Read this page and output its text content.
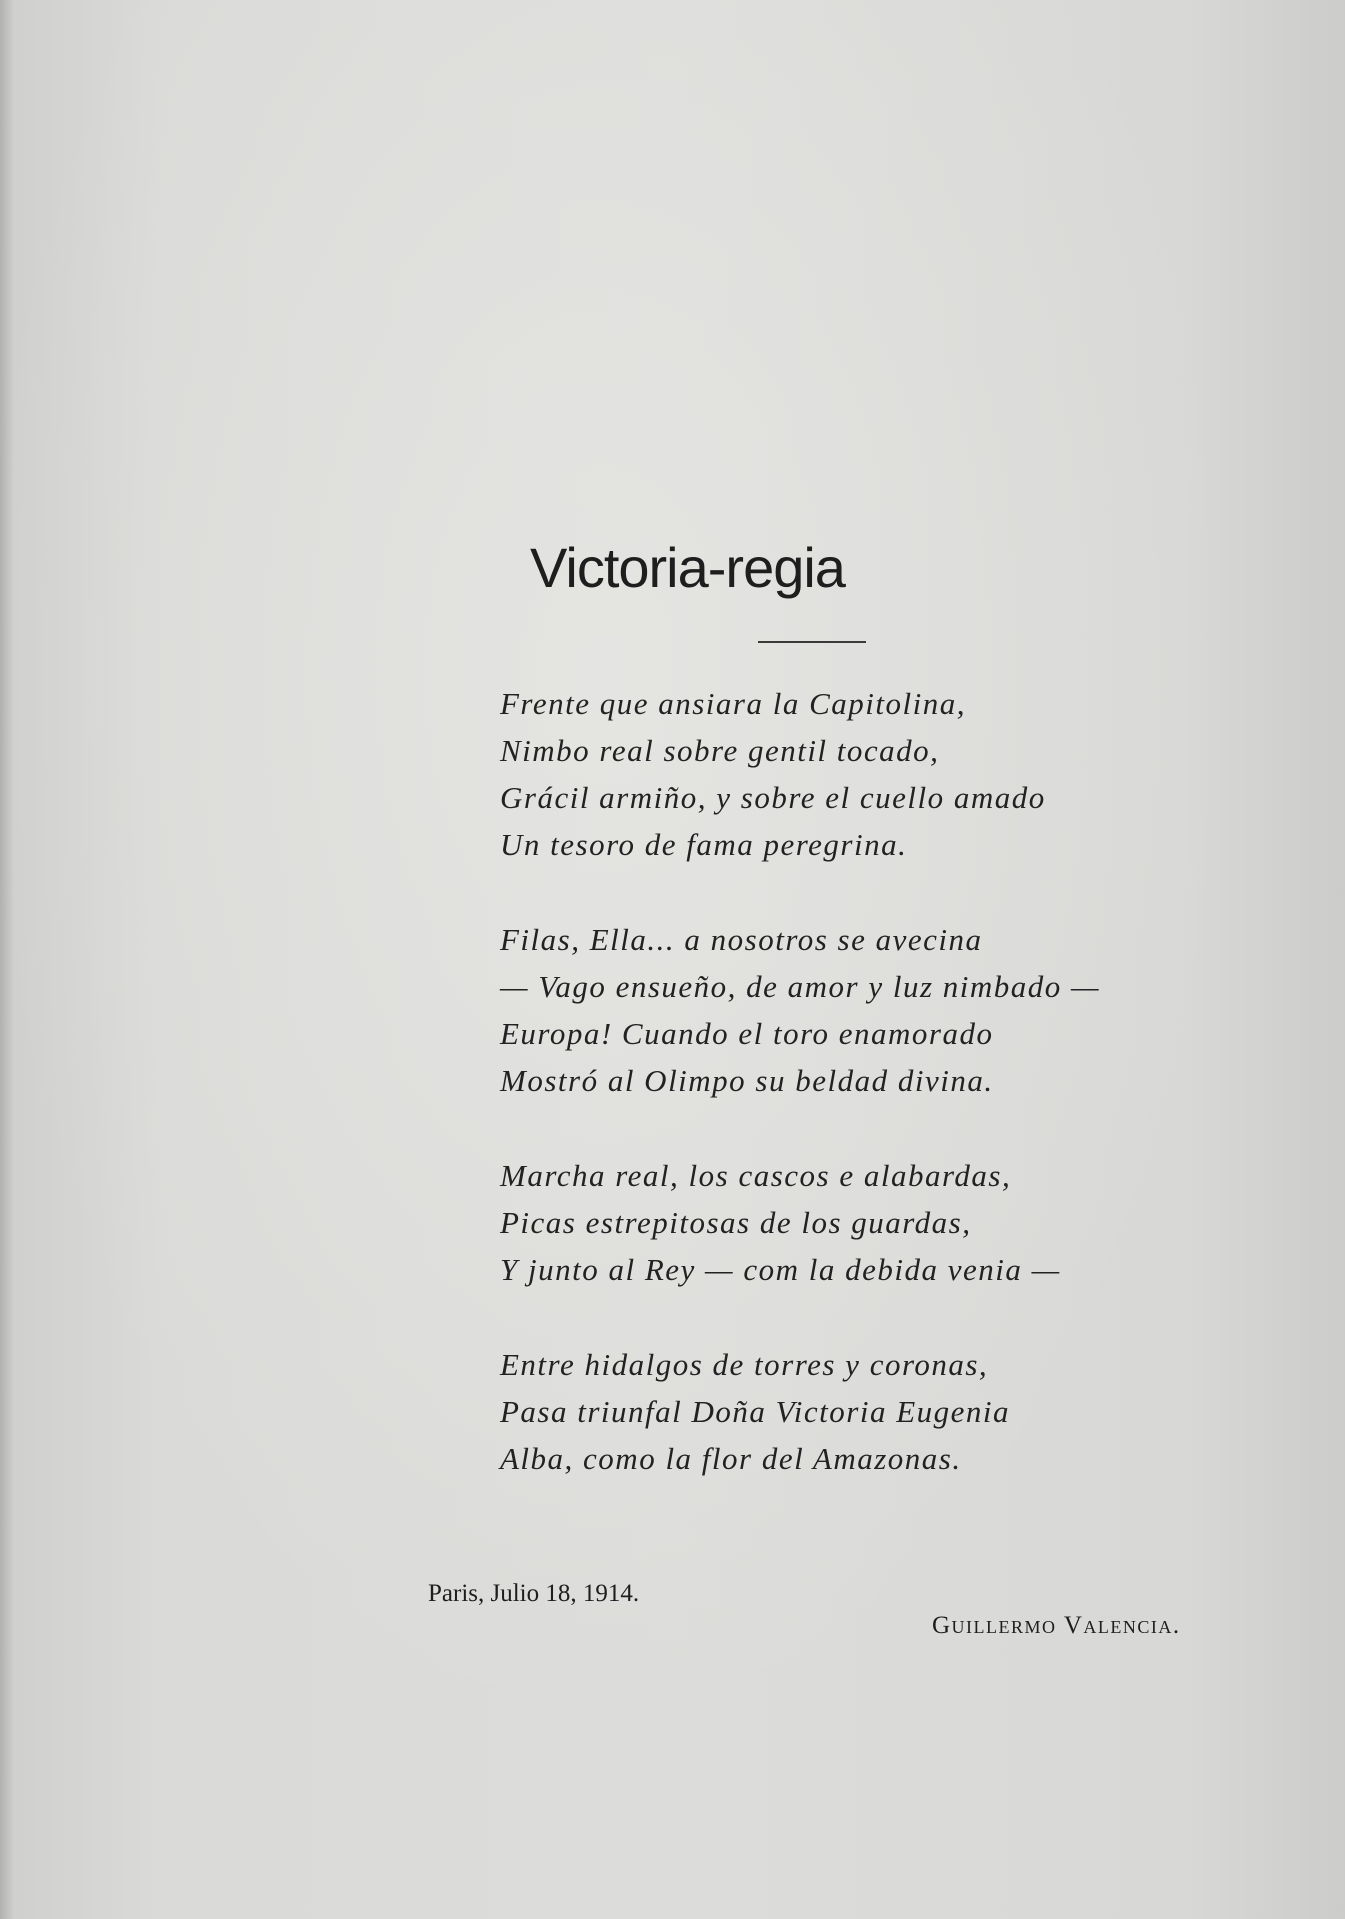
Victoria-regia
Frente que ansiara la Capitolina,
Nimbo real sobre gentil tocado,
Grácil armiño, y sobre el cuello amado
Un tesoro de fama peregrina.
Filas, Ella... a nosotros se avecina
— Vago ensueño, de amor y luz nimbado —
Europa! Cuando el toro enamorado
Mostró al Olimpo su beldad divina.
Marcha real, los cascos e alabardas,
Picas estrepitosas de los guardas,
Y junto al Rey — com la debida venia —
Entre hidalgos de torres y coronas,
Pasa triunfal Doña Victoria Eugenia
Alba, como la flor del Amazonas.
Paris, Julio 18, 1914.
Guillermo Valencia.
